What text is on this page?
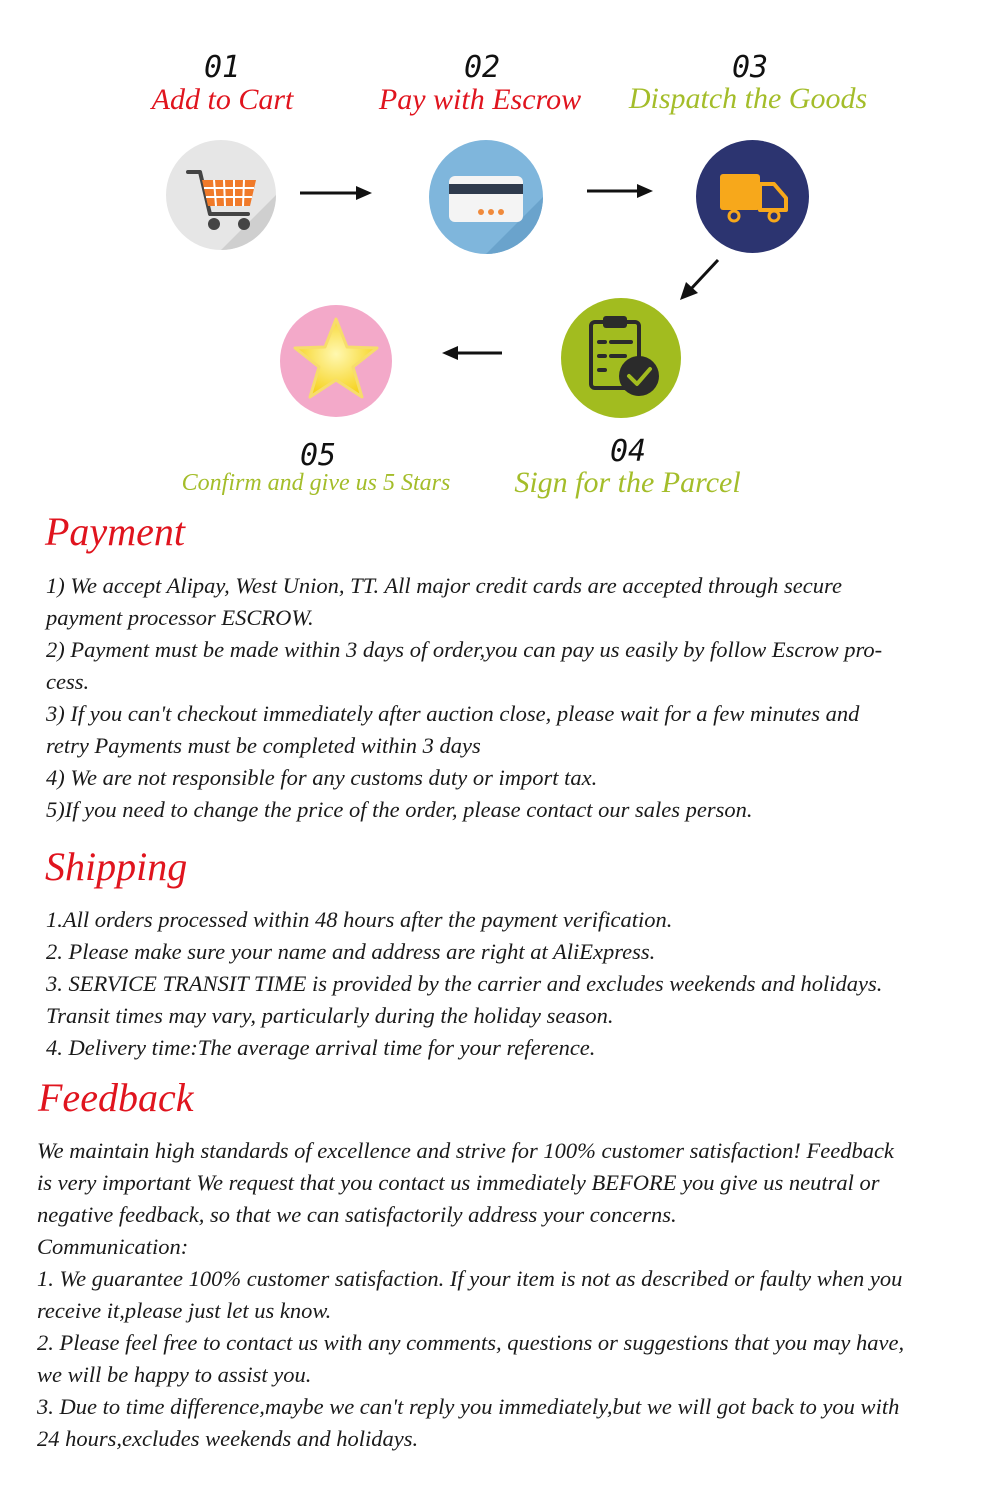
01
Add to Cart
02
Pay with Escrow
03
Dispatch the Goods
04
Sign for the Parcel
05
Confirm and give us 5 Stars
Payment

1) We accept Alipay, West Union, TT. All major credit cards are accepted through secure

payment processor ESCROW.

2) Payment must be made within 3 days of order,you can pay us easily by follow Escrow pro-

cess.

3) If you can't checkout immediately after auction close, please wait for a few minutes and

retry Payments must be completed within 3 days

4) We are not responsible for any customs duty or import tax.

5)If you need to change the price of the order, please contact our sales person.

Shipping

1.All orders processed within 48 hours after the payment verification.

2. Please make sure your name and address are right at AliExpress.

3. SERVICE TRANSIT TIME is provided by the carrier and excludes weekends and holidays.

Transit times may vary, particularly during the holiday season.

4. Delivery time:The average arrival time for your reference.

Feedback

We maintain high standards of excellence and strive for 100% customer satisfaction! Feedback

is very important We request that you contact us immediately BEFORE you give us neutral or

negative feedback, so that we can satisfactorily address your concerns.

Communication:

1. We guarantee 100% customer satisfaction. If your item is not as described or faulty when you

receive it,please just let us know.

2. Please feel free to contact us with any comments, questions or suggestions that you may have,

we will be happy to assist you.

3. Due to time difference,maybe we can't reply you immediately,but we will got back to you with

24 hours,excludes weekends and holidays.
